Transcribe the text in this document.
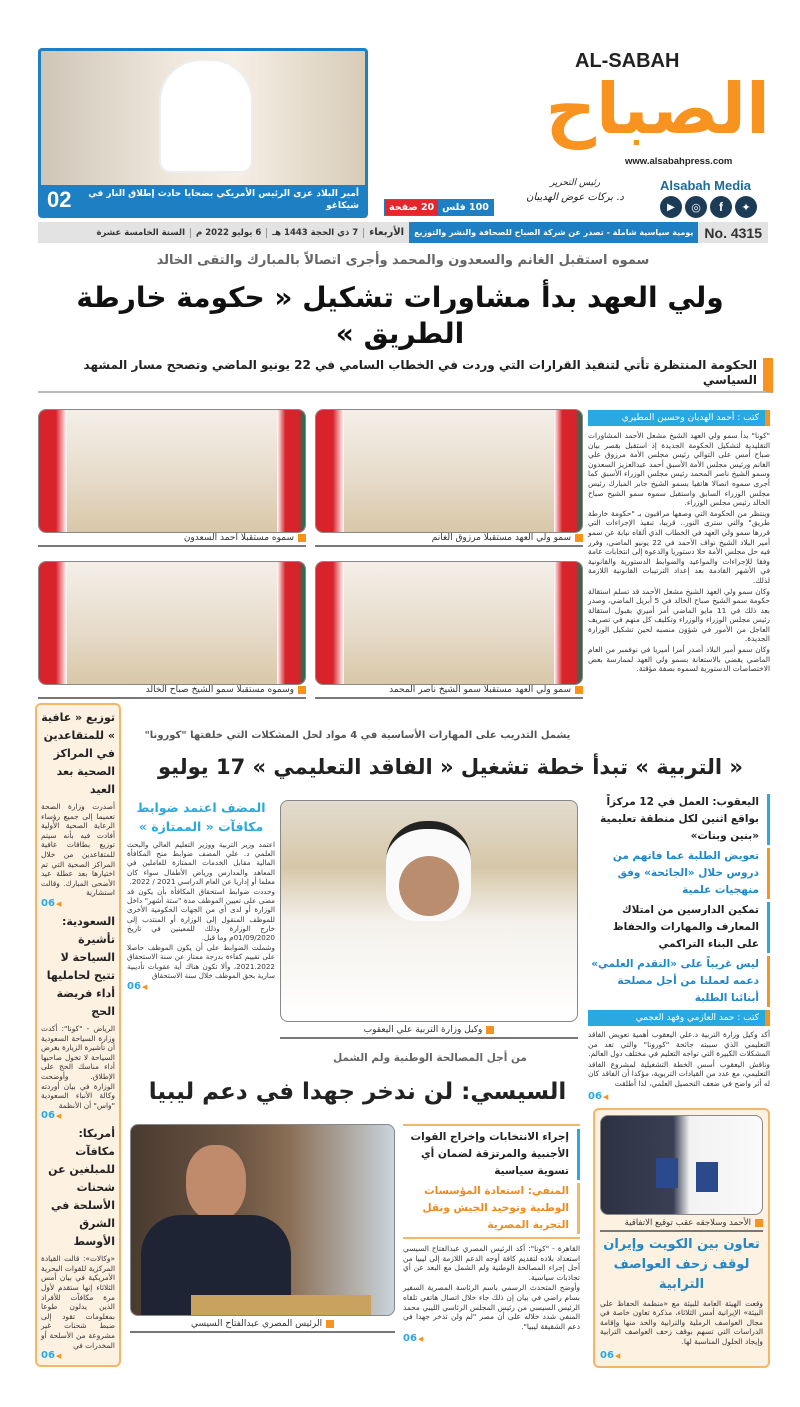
أمير البلاد عزى الرئيس الأمريكي بضحايا حادث إطلاق النار في شيكاغو
02
AL-SABAH
الصباح
www.alsabahpress.com
Alsabah Media
▶	◎	f	✦
رئيس التحرير
د. بركات عوض الهديبان
100 فلس
20 صفحة
No. 4315
يومية سياسية شاملة - تصدر عن شركة الصباح للصحافة والنشر والتوزيع
الأربعاء
7 ذي الحجة 1443 هـ
6 يوليو 2022 م
السنة الخامسة عشرة
سموه استقبل الغانم والسعدون والمحمد وأجرى اتصالاً بالمبارك والتقى الخالد
ولي العهد بدأ مشاورات تشكيل « حكومة خارطة الطريق »
الحكومة المنتظرة تأتي لتنفيذ القرارات التي وردت في الخطاب السامي في 22 يونيو الماضي وتصحح مسار المشهد السياسي
كتب : أحمد الهديان وحسين المطيري

"كونا" بدأ سمو ولي العهد الشيخ مشعل الأحمد المشاورات التقليدية لتشكيل الحكومة الجديدة إذ استقبل بقصر بيان صباح أمس على التوالي رئيس مجلس الأمة مرزوق علي الغانم ورئيس مجلس الأمة الأسبق أحمد عبدالعزيز السعدون وسمو الشيخ ناصر المحمد رئيس مجلس الوزراء الأسبق كما أجرى سموه اتصالا هاتفيا بسمو الشيخ جابر المبارك رئيس مجلس الوزراء السابق واستقبل سموه سمو الشيخ صباح الخالد رئيس مجلس الوزراء.

وينتظر من الحكومة التي وصفها مراقبون بـ "حكومة خارطة طريق" والتي سترى النور.. قريبا، تنفيذ الإجراءات التي قررها سمو ولي العهد في الخطاب الذي ألقاه نيابة عن سمو أمير البلاد الشيخ نواف الأحمد في 22 يونيو الماضي، وقرر فيه حل مجلس الأمة حلا دستوريا والدعوة إلى انتخابات عامة وفقا للإجراءات والمواعيد والضوابط الدستورية والقانونية في الأشهر القادمة بعد إعداد الترتيبات القانونية اللازمة لذلك.

وكان سمو ولي العهد الشيخ مشعل الأحمد قد تسلم استقالة حكومة سمو الشيخ صباح الخالد في 5 أبريل الماضي، وصدر بعد ذلك في 11 مايو الماضي أمر أميري بقبول استقالة رئيس مجلس الوزراء والوزراء وتكليف كل منهم في تصريف العاجل من الأمور في شؤون منصبه لحين تشكيل الوزارة الجديدة.

وكان سمو أمير البلاد أصدر أمرا أميريا في نوفمبر من العام الماضي يقضي بالاستعانة بسمو ولي العهد لممارسة بعض الاختصاصات الدستورية لسموه بصفة مؤقتة.

سمو ولي العهد مستقبلا مرزوق الغانم
سموه مستقبلا أحمد السعدون
سمو ولي العهد مستقبلا سمو الشيخ ناصر المحمد
وسموه مستقبلا سمو الشيخ صباح الخالد
توزيع « عافية » للمتقاعدين في المراكز الصحية بعد العيد
أصدرت وزارة الصحة تعميما إلى جميع رؤساء الرعاية الصحية الأولية أفادت فيه بأنه سيتم توزيع بطاقات عافية للمتقاعدين من خلال المراكز الصحية التي تم اختيارها بعد عطلة عيد الأضحى المبارك. وقالت استشارية
06 ◀
السعودية: تأشيرة السياحة لا تتيح لحامليها أداء فريضة الحج
الرياض - "كونا": أكدت وزارة السياحة السعودية أن تأشيرة الزيارة بغرض السياحة لا تخول صاحبها أداء مناسك الحج على الإطلاق. وأوضحت الوزارة في بيان أوردته وكالة الأنباء السعودية "واس" أن الأنظمة
06 ◀
أمريكا: مكافآت للمبلغين عن شحنات الأسلحة في الشرق الأوسط
«وكالات»: قالت القيادة المركزية للقوات البحرية الأمريكية في بيان أمس الثلاثاء إنها ستقدم لأول مرة مكافآت للأفراد الذين يدلون طوعا بمعلومات تقود إلى ضبط شحنات غير مشروعة من الأسلحة أو المخدرات في
06 ◀
يشمل التدريب على المهارات الأساسية في 4 مواد لحل المشكلات التي خلفتها "كورونا"
« التربية » تبدأ خطة تشغيل « الفاقد التعليمي » 17 يوليو
اليعقوب: العمل في 12 مركزاً بواقع اثنين لكل منطقة تعليمية «بنين وبنات»
تعويض الطلبة عما فاتهم من دروس خلال «الجائحة» وفق منهجيات علمية
تمكين الدارسين من امتلاك المعارف والمهارات والحفاظ على البناء التراكمي
ليس غريباً على «التقدم العلمي» دعمه لعملنا من أجل مصلحة أبنائنا الطلبة
كتب : حمد العازمي وفهد العجمي

أكد وكيل وزارة التربية د.علي اليعقوب أهمية تعويض الفاقد التعليمي الذي سببته جائحة "كورونا" والتي تعد من المشكلات الكبيرة التي تواجه التعليم في مختلف دول العالم.

وناقش اليعقوب أسس الخطة التشغيلية لمشروع الفاقد التعليمي، مع عدد من القيادات التربوية، مؤكدا أن الفاقد كان له أثر واضح في ضعف التحصيل العلمي، لذا أطلقت

06 ◀
الأحمد وسلاجقه عقب توقيع الاتفاقية
تعاون بين الكويت وإيران لوقف زحف العواصف الترابية
وقعت الهيئة العامة للبيئة مع «منظمة الحفاظ على البيئة» الإيرانية أمس الثلاثاء، مذكرة تعاون خاصة في مجال العواصف الرملية والترابية والحد منها وإقامة الدراسات التي تسهم بوقف زحف العواصف الترابية وإيجاد الحلول المناسبة لها.
06 ◀
وكيل وزارة التربية علي اليعقوب
المضف اعتمد ضوابط مكافآت « الممتازة »

اعتمد وزير التربية ووزير التعليم العالي والبحث العلمي د. علي المضف ضوابط منح المكافأة المالية مقابل الخدمات الممتازة للعاملين في المعاهد والمدارس ورياض الأطفال سواء كان معلما أو إداريا عن العام الدراسي 2021 / 2022.

وحددت ضوابط استحقاق المكافأة بأن يكون قد مضى على تعيين الموظف مدة "ستة أشهر" داخل الوزارة أو لدى أي من الجهات الحكومية الأخرى للموظف المنقول إلى الوزارة أو المنتدب إلى خارج الوزارة وذلك للمعينين في تاريخ 01/09/2020م وما قبل.

وشملت الضوابط على أن يكون الموظف حاصلا على تقييم كفاءة بدرجة ممتاز عن سنة الاستحقاق 2021.2022، وألا تكون هناك أية عقوبات تأديبية سارية بحق الموظف خلال سنة الاستحقاق

06 ◀
من أجل المصالحة الوطنية ولم الشمل
السيسي: لن ندخر جهدا في دعم ليبيا
الرئيس المصري عبدالفتاح السيسي
إجراء الانتخابات وإخراج القوات الأجنبية والمرتزقة لضمان أي تسوية سياسية
المنفي: استعادة المؤسسات الوطنية وتوحيد الجيش ونقل التجربة المصرية

القاهرة - "كونا": أكد الرئيس المصري عبدالفتاح السيسي استعداد بلاده لتقديم كافة أوجه الدعم اللازمة إلى ليبيا من أجل إجراء المصالحة الوطنية ولم الشمل مع البعد عن أي تجاذبات سياسية.

وأوضح المتحدث الرسمي باسم الرئاسة المصرية السفير بسام راضي في بيان إن ذلك جاء خلال اتصال هاتفي تلقاه الرئيس السيسي من رئيس المجلس الرئاسي الليبي محمد المنفي شدد خلاله على أن مصر "لم ولن تدخر جهدا في دعم الشقيقة ليبيا".

06 ◀
